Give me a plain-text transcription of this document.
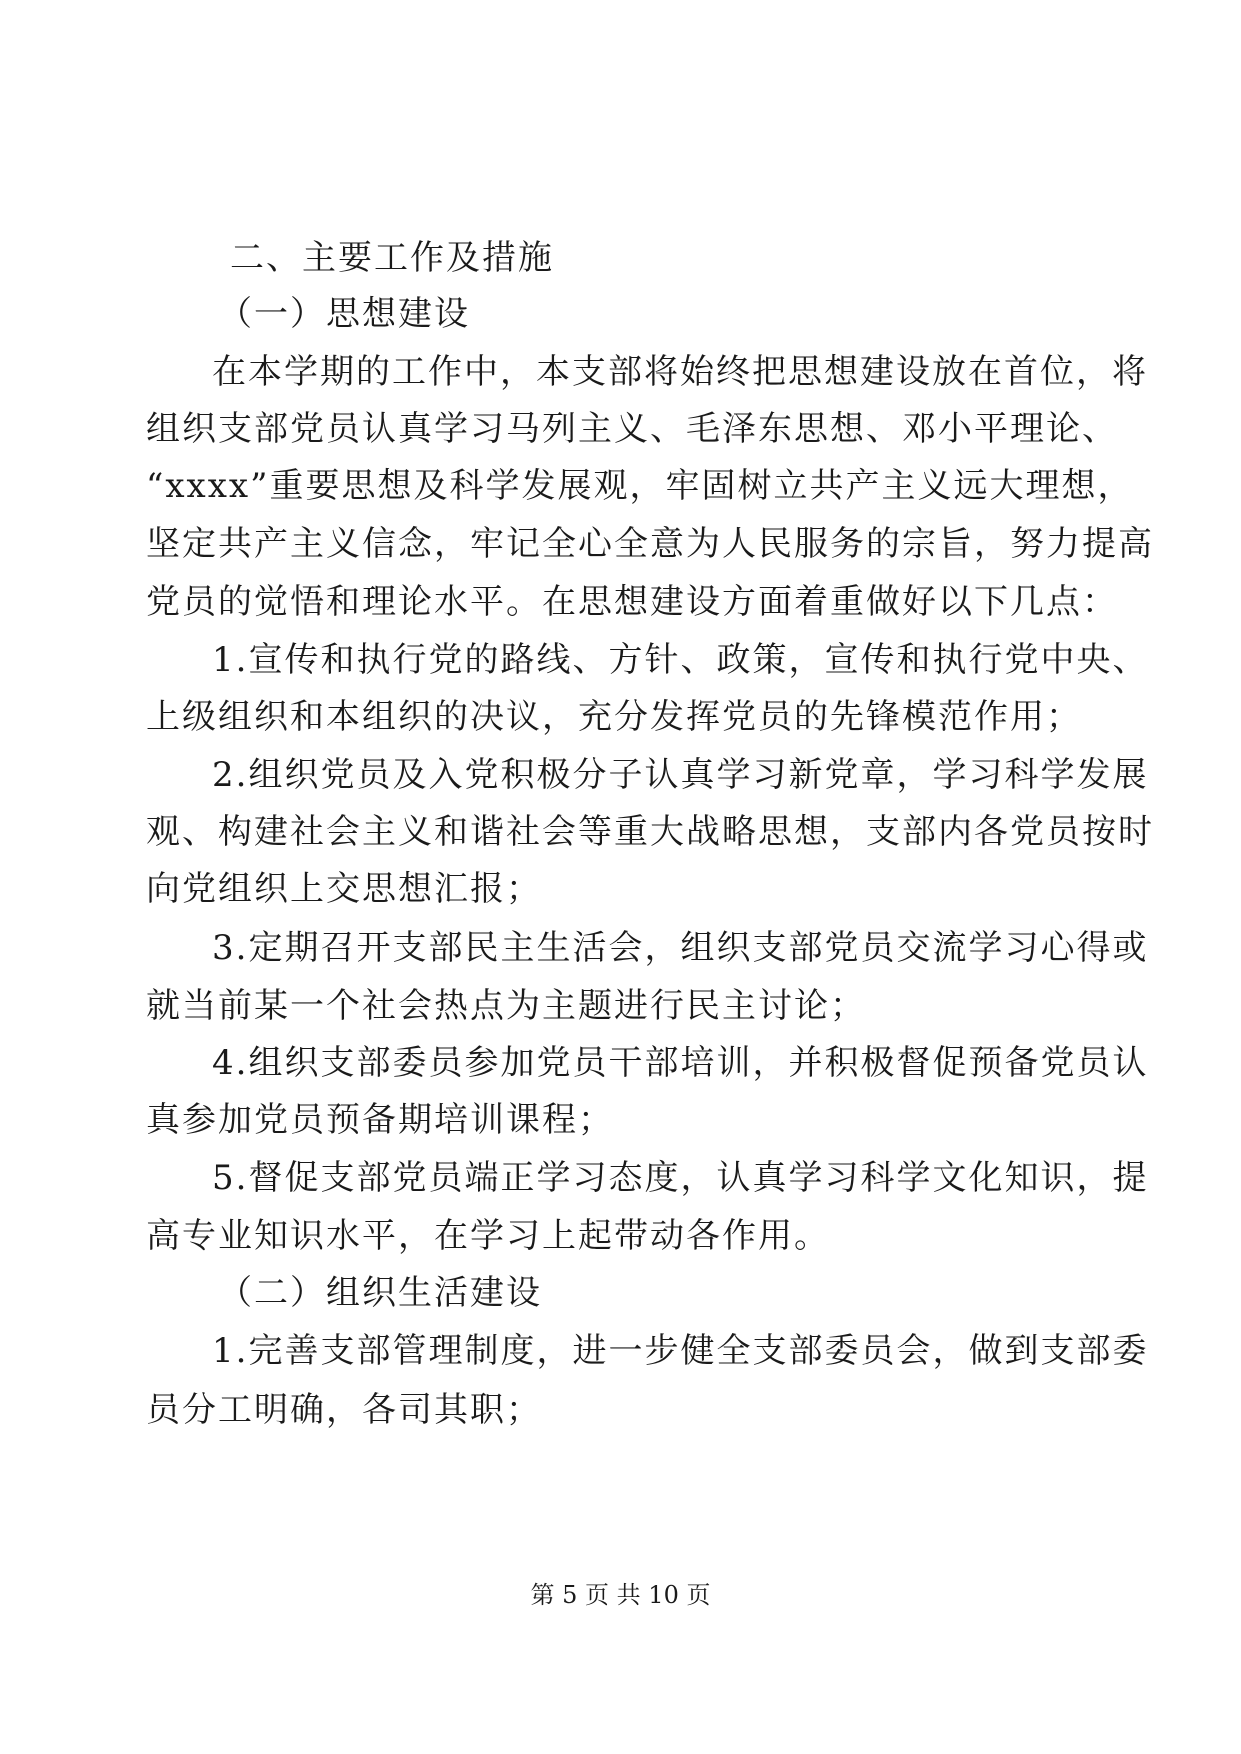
二、主要工作及措施
（一）思想建设
在本学期的工作中，本支部将始终把思想建设放在首位，将
组织支部党员认真学习马列主义、毛泽东思想、邓小平理论、
“xxxx”重要思想及科学发展观，牢固树立共产主义远大理想，
坚定共产主义信念，牢记全心全意为人民服务的宗旨，努力提高
党员的觉悟和理论水平。在思想建设方面着重做好以下几点：
1.宣传和执行党的路线、方针、政策，宣传和执行党中央、
上级组织和本组织的决议，充分发挥党员的先锋模范作用；
2.组织党员及入党积极分子认真学习新党章，学习科学发展
观、构建社会主义和谐社会等重大战略思想，支部内各党员按时
向党组织上交思想汇报；
3.定期召开支部民主生活会，组织支部党员交流学习心得或
就当前某一个社会热点为主题进行民主讨论；
4.组织支部委员参加党员干部培训，并积极督促预备党员认
真参加党员预备期培训课程；
5.督促支部党员端正学习态度，认真学习科学文化知识，提
高专业知识水平，在学习上起带动各作用。
（二）组织生活建设
1.完善支部管理制度，进一步健全支部委员会，做到支部委
员分工明确，各司其职；
第 5 页 共 10 页
